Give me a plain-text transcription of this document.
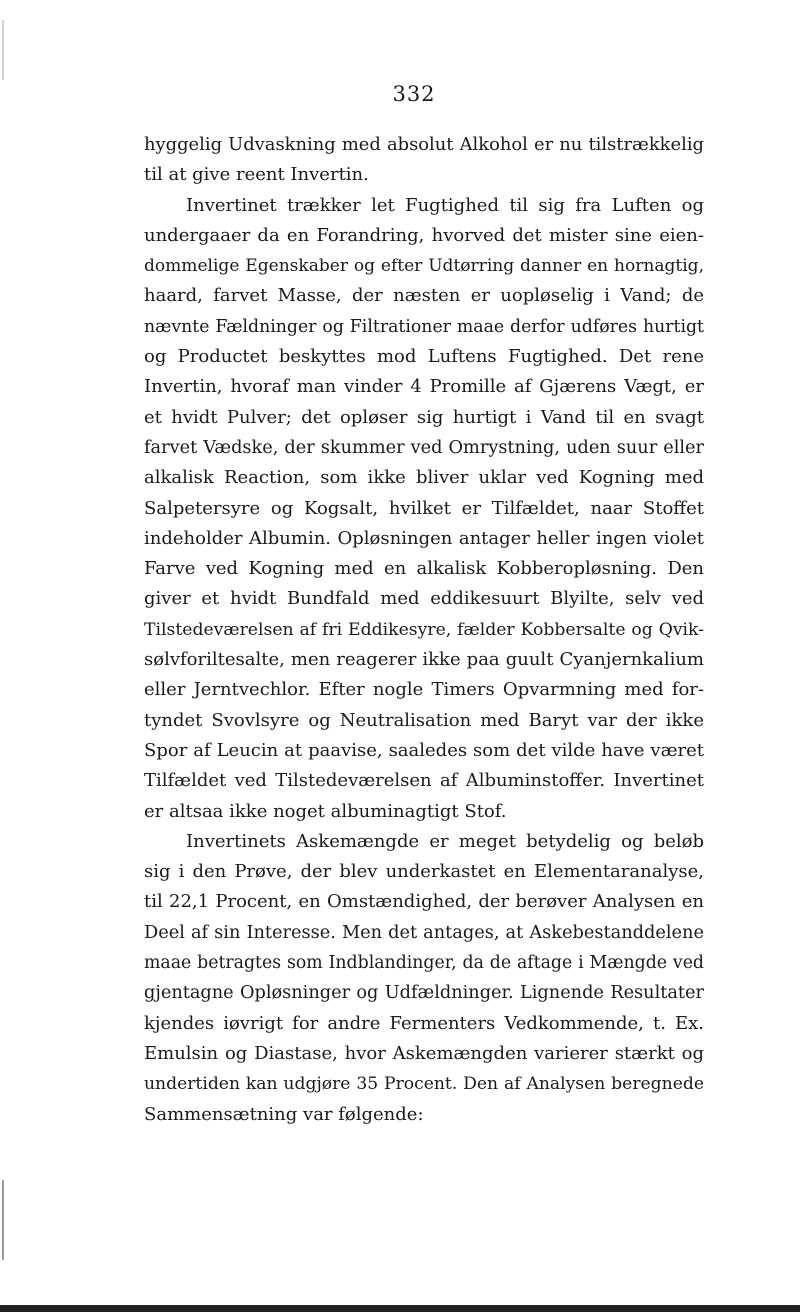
332
hyggelig Udvaskning med absolut Alkohol er nu tilstrækkelig
til at give reent Invertin.
Invertinet trækker let Fugtighed til sig fra Luften og
undergaaer da en Forandring, hvorved det mister sine eien-
dommelige Egenskaber og efter Udtørring danner en hornagtig,
haard, farvet Masse, der næsten er uopløselig i Vand; de
nævnte Fældninger og Filtrationer maae derfor udføres hurtigt
og Productet beskyttes mod Luftens Fugtighed. Det rene
Invertin, hvoraf man vinder 4 Promille af Gjærens Vægt, er
et hvidt Pulver; det opløser sig hurtigt i Vand til en svagt
farvet Vædske, der skummer ved Omrystning, uden suur eller
alkalisk Reaction, som ikke bliver uklar ved Kogning med
Salpetersyre og Kogsalt, hvilket er Tilfældet, naar Stoffet
indeholder Albumin. Opløsningen antager heller ingen violet
Farve ved Kogning med en alkalisk Kobberopløsning. Den
giver et hvidt Bundfald med eddikesuurt Blyilte, selv ved
Tilstedeværelsen af fri Eddikesyre, fælder Kobbersalte og Qvik-
sølvforiltesalte, men reagerer ikke paa guult Cyanjernkalium
eller Jerntvechlor. Efter nogle Timers Opvarmning med for-
tyndet Svovlsyre og Neutralisation med Baryt var der ikke
Spor af Leucin at paavise, saaledes som det vilde have været
Tilfældet ved Tilstedeværelsen af Albuminstoffer. Invertinet
er altsaa ikke noget albuminagtigt Stof.
Invertinets Askemængde er meget betydelig og beløb
sig i den Prøve, der blev underkastet en Elementaranalyse,
til 22,1 Procent, en Omstændighed, der berøver Analysen en
Deel af sin Interesse. Men det antages, at Askebestanddelene
maae betragtes som Indblandinger, da de aftage i Mængde ved
gjentagne Opløsninger og Udfældninger. Lignende Resultater
kjendes iøvrigt for andre Fermenters Vedkommende, t. Ex.
Emulsin og Diastase, hvor Askemængden varierer stærkt og
undertiden kan udgjøre 35 Procent. Den af Analysen beregnede
Sammensætning var følgende:
